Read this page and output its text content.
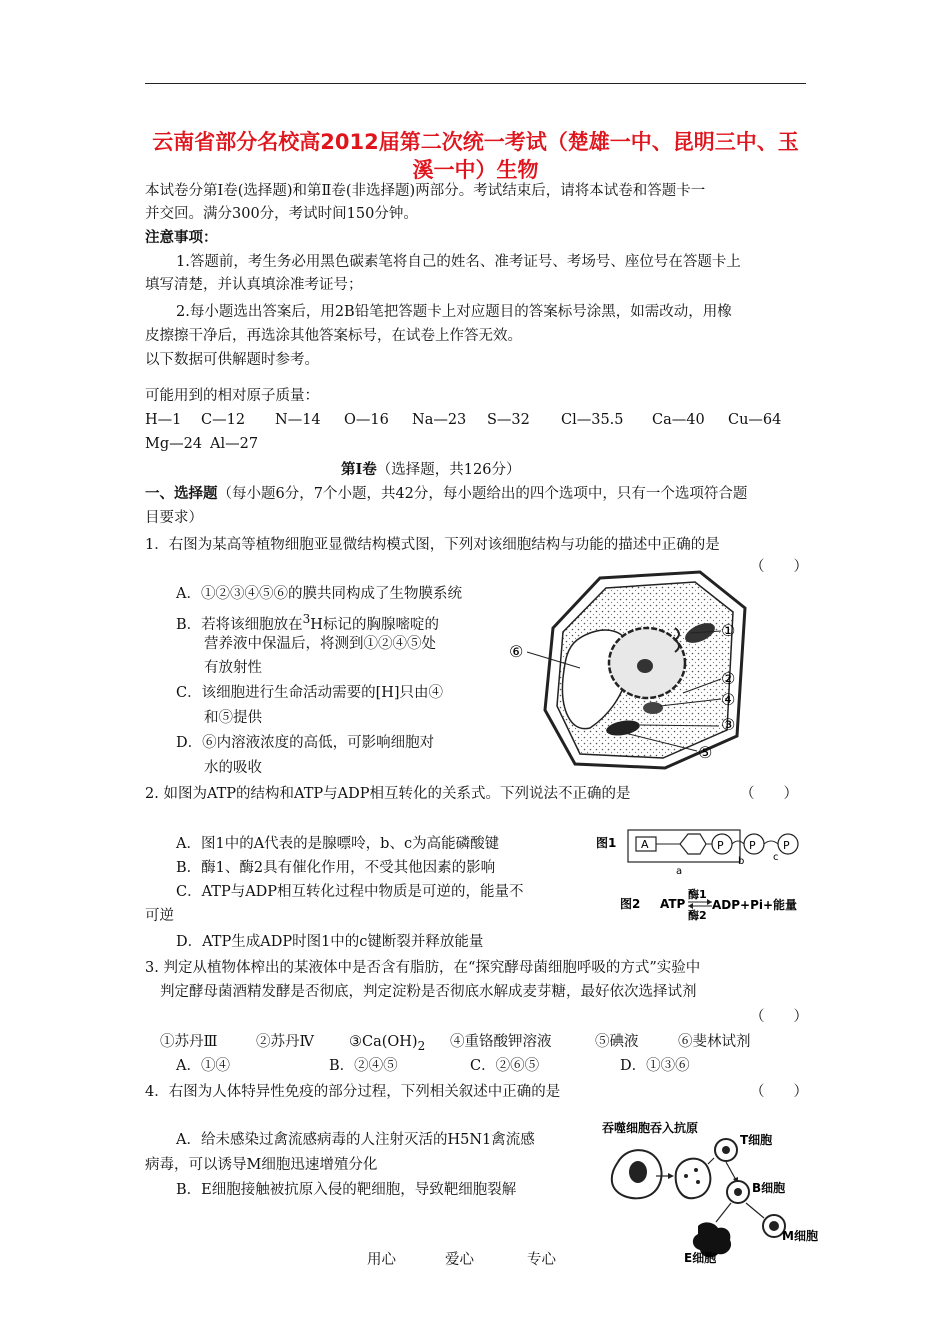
云南省部分名校高2012届第二次统一考试（楚雄一中、昆明三中、玉
溪一中）生物
本试卷分第Ⅰ卷(选择题)和第Ⅱ卷(非选择题)两部分。考试结束后，请将本试卷和答题卡一
并交回。满分300分，考试时间150分钟。
注意事项：
1.答题前，考生务必用黑色碳素笔将自己的姓名、准考证号、考场号、座位号在答题卡上
填写清楚，并认真填涂准考证号；
2.每小题选出答案后，用2B铅笔把答题卡上对应题目的答案标号涂黑，如需改动，用橡
皮擦擦干净后，再选涂其他答案标号，在试卷上作答无效。
以下数据可供解题时参考。
可能用到的相对原子质量：
H—1 C—12 N—14 O—16 Na—23 S—32 Cl—35.5 Ca—40 Cu—64
Mg—24 Al—27
第Ⅰ卷（选择题，共126分）
一、选择题（每小题6分，7个小题，共42分，每小题给出的四个选项中，只有一个选项符合题
目要求）
1．右图为某高等植物细胞亚显微结构模式图，下列对该细胞结构与功能的描述中正确的是
（　　）
A．①②③④⑤⑥的膜共同构成了生物膜系统
B．若将该细胞放在$^3$H标记的胸腺嘧啶的
营养液中保温后，将测到①②④⑤处
有放射性
C．该细胞进行生命活动需要的[H]只由④
和⑤提供
D．⑥内溶液浓度的高低，可影响细胞对
水的吸收
①
②
③
④
⑤
⑥
2. 如图为ATP的结构和ATP与ADP相互转化的关系式。下列说法不正确的是	（　　）
A．图1中的A代表的是腺嘌呤，b、c为高能磷酸键
B．酶1、酶2具有催化作用，不受其他因素的影响
C．ATP与ADP相互转化过程中物质是可逆的，能量不
可逆
D．ATP生成ADP时图1中的c键断裂并释放能量
图1 A	P P P
b	c
a
图2 ATP
酶1
酶2
ADP+Pi+能量
3. 判定从植物体榨出的某液体中是否含有脂肪，在“探究酵母菌细胞呼吸的方式”实验中
判定酵母菌酒精发酵是否彻底，判定淀粉是否彻底水解成麦芽糖，最好依次选择试剂
（　　）
①苏丹Ⅲ	②苏丹Ⅳ $③Ca(OH)_2$ ④重铬酸钾溶液	⑤碘液	⑥斐林试剂
A．①④	B．②④⑤	C．②⑥⑤	D．①③⑥
4．右图为人体特异性免疫的部分过程，下列相关叙述中正确的是	（　　）
A．给未感染过禽流感病毒的人注射灭活的H5N1禽流感
病毒，可以诱导M细胞迅速增殖分化
B．E细胞接触被抗原入侵的靶细胞，导致靶细胞裂解
吞噬细胞吞入抗原
T细胞
B细胞
E细胞
M细胞
用心	爱心	专心
